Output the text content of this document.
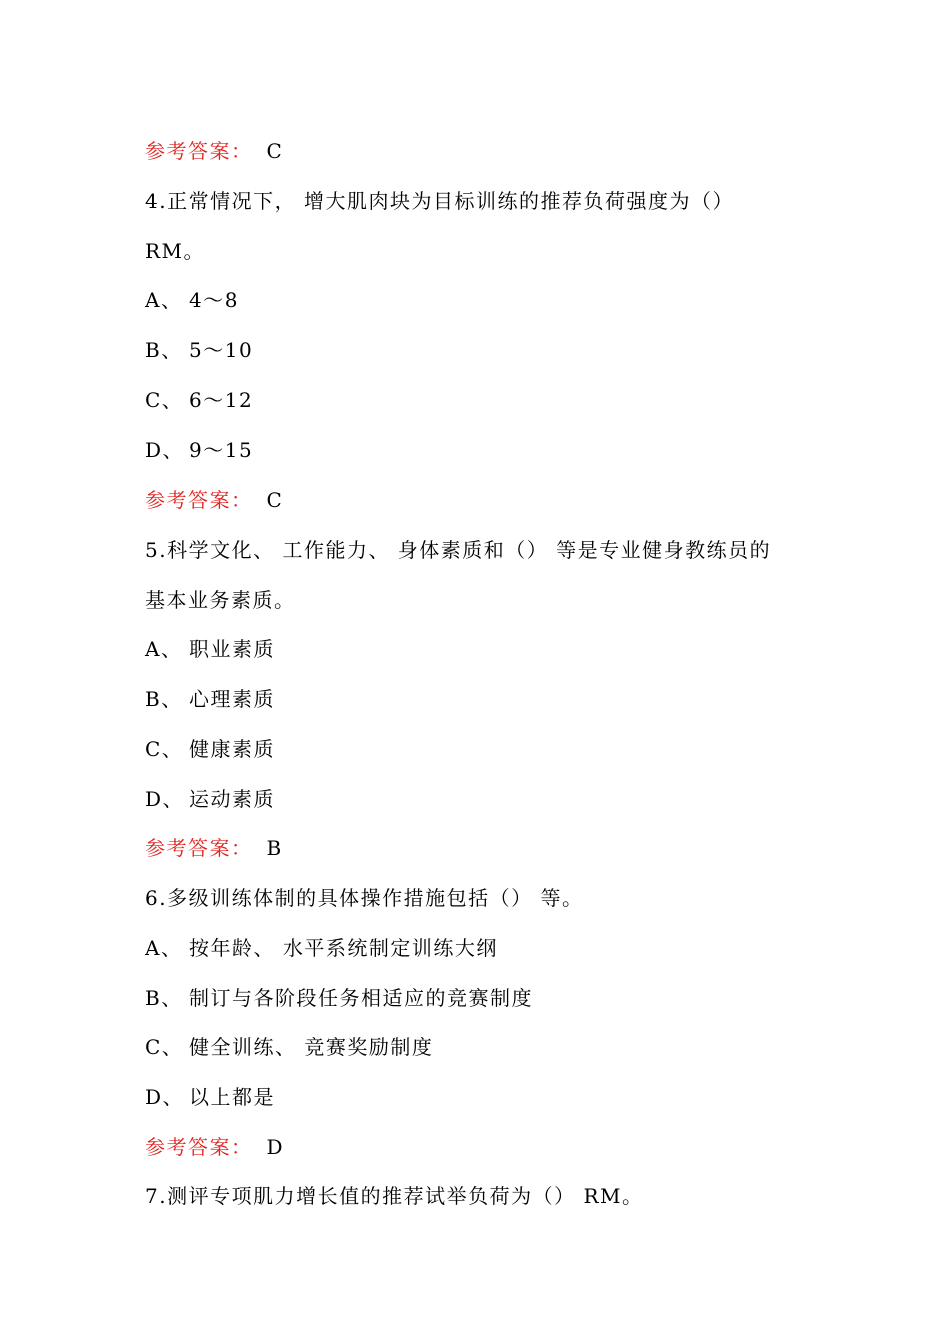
参考答案： C
4.正常情况下， 增大肌肉块为目标训练的推荐负荷强度为（）
RM。
A、 4～8
B、 5～10
C、 6～12
D、 9～15
参考答案： C
5.科学文化、 工作能力、 身体素质和（） 等是专业健身教练员的
基本业务素质。
A、 职业素质
B、 心理素质
C、 健康素质
D、 运动素质
参考答案： B
6.多级训练体制的具体操作措施包括（） 等。
A、 按年龄、 水平系统制定训练大纲
B、 制订与各阶段任务相适应的竞赛制度
C、 健全训练、 竞赛奖励制度
D、 以上都是
参考答案： D
7.测评专项肌力增长值的推荐试举负荷为（） RM。
